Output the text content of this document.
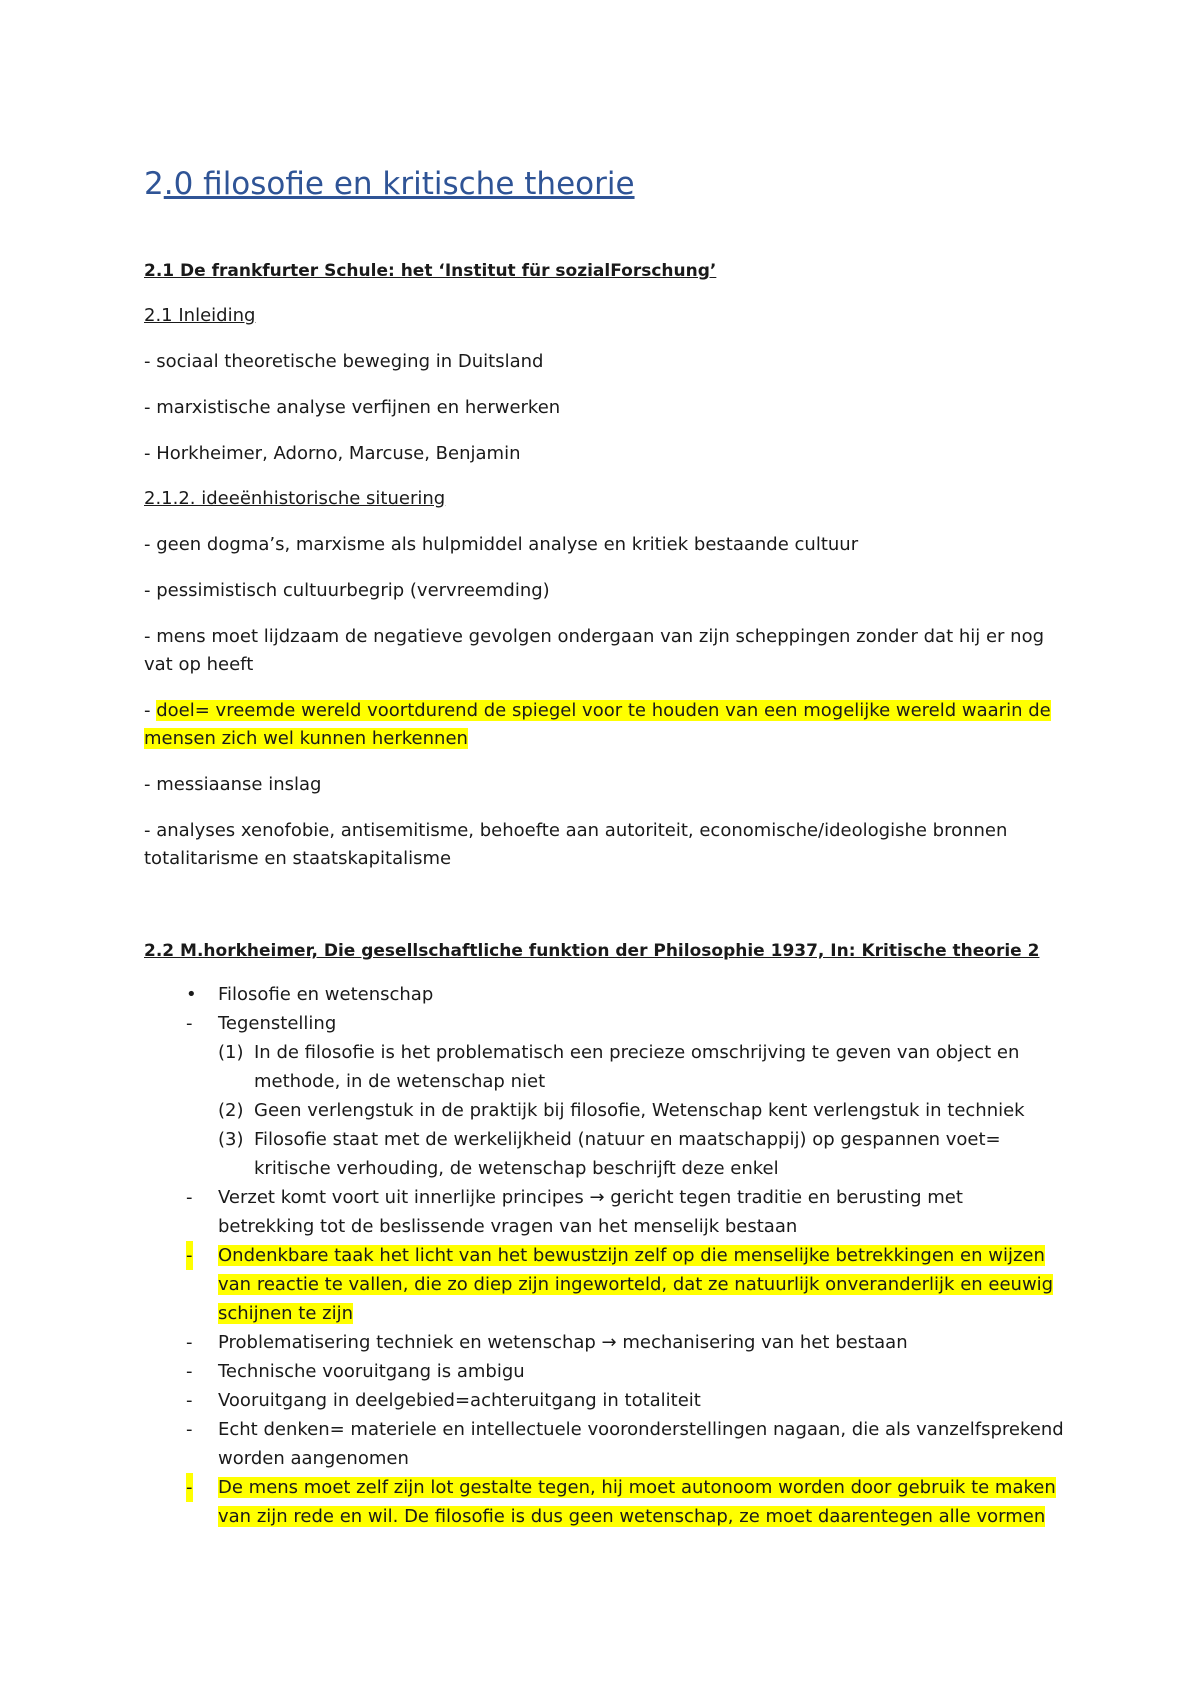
2.0 filosofie en kritische theorie
2.1 De frankfurter Schule: het ‘Institut für sozialForschung’
2.1 Inleiding
- sociaal theoretische beweging in Duitsland
- marxistische analyse verfijnen en herwerken
- Horkheimer, Adorno, Marcuse, Benjamin
2.1.2. ideeënhistorische situering
- geen dogma’s, marxisme als hulpmiddel analyse en kritiek bestaande cultuur
- pessimistisch cultuurbegrip (vervreemding)
- mens moet lijdzaam de negatieve gevolgen ondergaan van zijn scheppingen zonder dat hij er nog
vat op heeft
- doel= vreemde wereld voortdurend de spiegel voor te houden van een mogelijke wereld waarin de
mensen zich wel kunnen herkennen
- messiaanse inslag
- analyses xenofobie, antisemitisme, behoefte aan autoriteit, economische/ideologishe bronnen
totalitarisme en staatskapitalisme
2.2 M.horkheimer, Die gesellschaftliche funktion der Philosophie 1937, In: Kritische theorie 2
• Filosofie en wetenschap
- Tegenstelling
(1) In de filosofie is het problematisch een precieze omschrijving te geven van object en
methode, in de wetenschap niet
(2) Geen verlengstuk in de praktijk bij filosofie, Wetenschap kent verlengstuk in techniek
(3) Filosofie staat met de werkelijkheid (natuur en maatschappij) op gespannen voet=
kritische verhouding, de wetenschap beschrijft deze enkel
- Verzet komt voort uit innerlijke principes → gericht tegen traditie en berusting met
betrekking tot de beslissende vragen van het menselijk bestaan
- Ondenkbare taak het licht van het bewustzijn zelf op die menselijke betrekkingen en wijzen
van reactie te vallen, die zo diep zijn ingeworteld, dat ze natuurlijk onveranderlijk en eeuwig
schijnen te zijn
- Problematisering techniek en wetenschap → mechanisering van het bestaan
- Technische vooruitgang is ambigu
- Vooruitgang in deelgebied=achteruitgang in totaliteit
- Echt denken= materiele en intellectuele vooronderstellingen nagaan, die als vanzelfsprekend
worden aangenomen
- De mens moet zelf zijn lot gestalte tegen, hij moet autonoom worden door gebruik te maken
van zijn rede en wil. De filosofie is dus geen wetenschap, ze moet daarentegen alle vormen
